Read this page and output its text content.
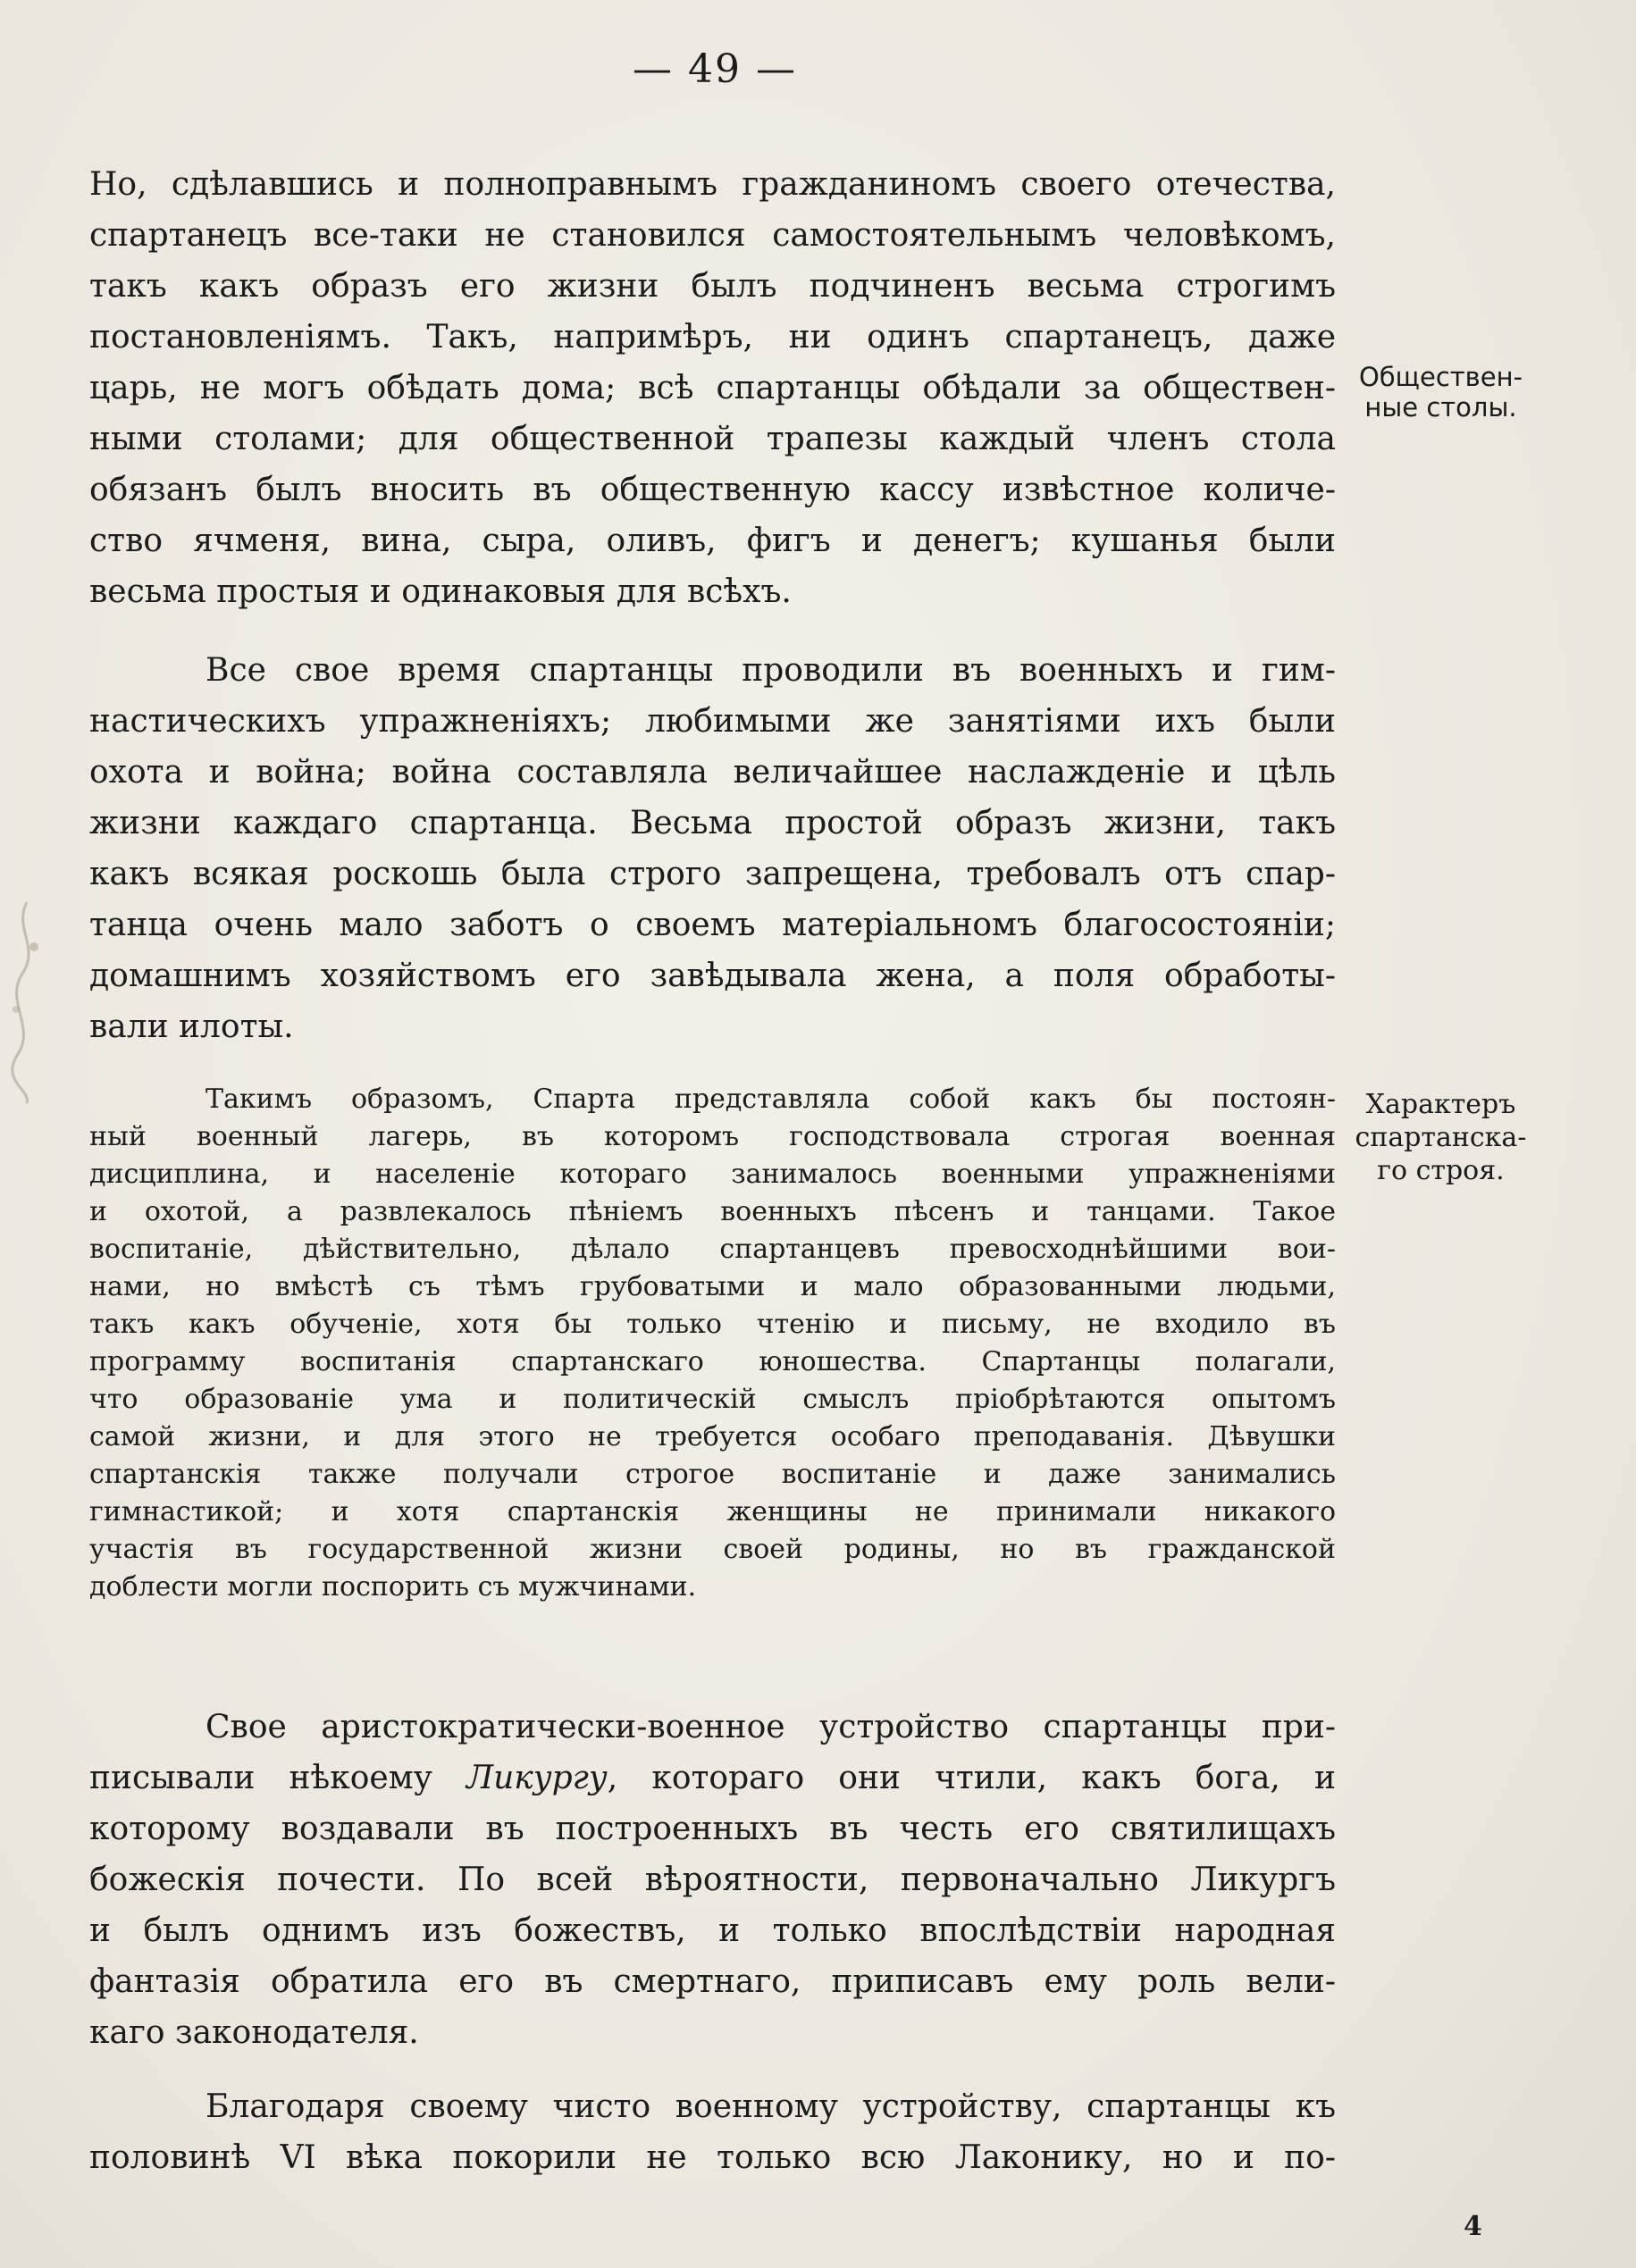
— 49 —
Но, сдѣлавшись и полноправнымъ гражданиномъ своего отечества,
спартанецъ все-таки не становился самостоятельнымъ человѣкомъ,
такъ какъ образъ его жизни былъ подчиненъ весьма строгимъ
постановленiямъ. Такъ, напримѣръ, ни одинъ спартанецъ, даже
царь, не могъ обѣдать дома; всѣ спартанцы обѣдали за обществен-
ными столами; для общественной трапезы каждый членъ стола
обязанъ былъ вносить въ общественную кассу извѣстное количе-
ство ячменя, вина, сыра, оливъ, фигъ и денегъ; кушанья были
весьма простыя и одинаковыя для всѣхъ.
Обществен-
ные столы.
Все свое время спартанцы проводили въ военныхъ и гим-
настическихъ упражненiяхъ; любимыми же занятiями ихъ были
охота и война; война составляла величайшее наслажденiе и цѣль
жизни каждаго спартанца. Весьма простой образъ жизни, такъ
какъ всякая роскошь была строго запрещена, требовалъ отъ спар-
танца очень мало заботъ о своемъ матерiальномъ благосостоянiи;
домашнимъ хозяйствомъ его завѣдывала жена, а поля обработы-
вали илоты.
Такимъ образомъ, Спарта представляла собой какъ бы постоян-
ный военный лагерь, въ которомъ господствовала строгая военная
дисциплина, и населенiе котораго занималось военными упражненiями
и охотой, а развлекалось пѣнiемъ военныхъ пѣсенъ и танцами. Такое
воспитанiе, дѣйствительно, дѣлало спартанцевъ превосходнѣйшими вои-
нами, но вмѣстѣ съ тѣмъ грубоватыми и мало образованными людьми,
такъ какъ обученiе, хотя бы только чтенiю и письму, не входило въ
программу воспитанiя спартанскаго юношества. Спартанцы полагали,
что образованiе ума и политическiй смыслъ прiобрѣтаются опытомъ
самой жизни, и для этого не требуется особаго преподаванiя. Дѣвушки
спартанскiя также получали строгое воспитанiе и даже занимались
гимнастикой; и хотя спартанскiя женщины не принимали никакого
участiя въ государственной жизни своей родины, но въ гражданской
доблести могли поспорить съ мужчинами.
Характеръ
спартанска-
го строя.
Свое аристократически-военное устройство спартанцы при-
писывали нѣкоему Ликургу, котораго они чтили, какъ бога, и
которому воздавали въ построенныхъ въ честь его святилищахъ
божескiя почести. По всей вѣроятности, первоначально Ликургъ
и былъ однимъ изъ божествъ, и только впослѣдствiи народная
фантазiя обратила его въ смертнаго, приписавъ ему роль вели-
каго законодателя.
Благодаря своему чисто военному устройству, спартанцы къ
половинѣ VI вѣка покорили не только всю Лаконику, но и по-
4
